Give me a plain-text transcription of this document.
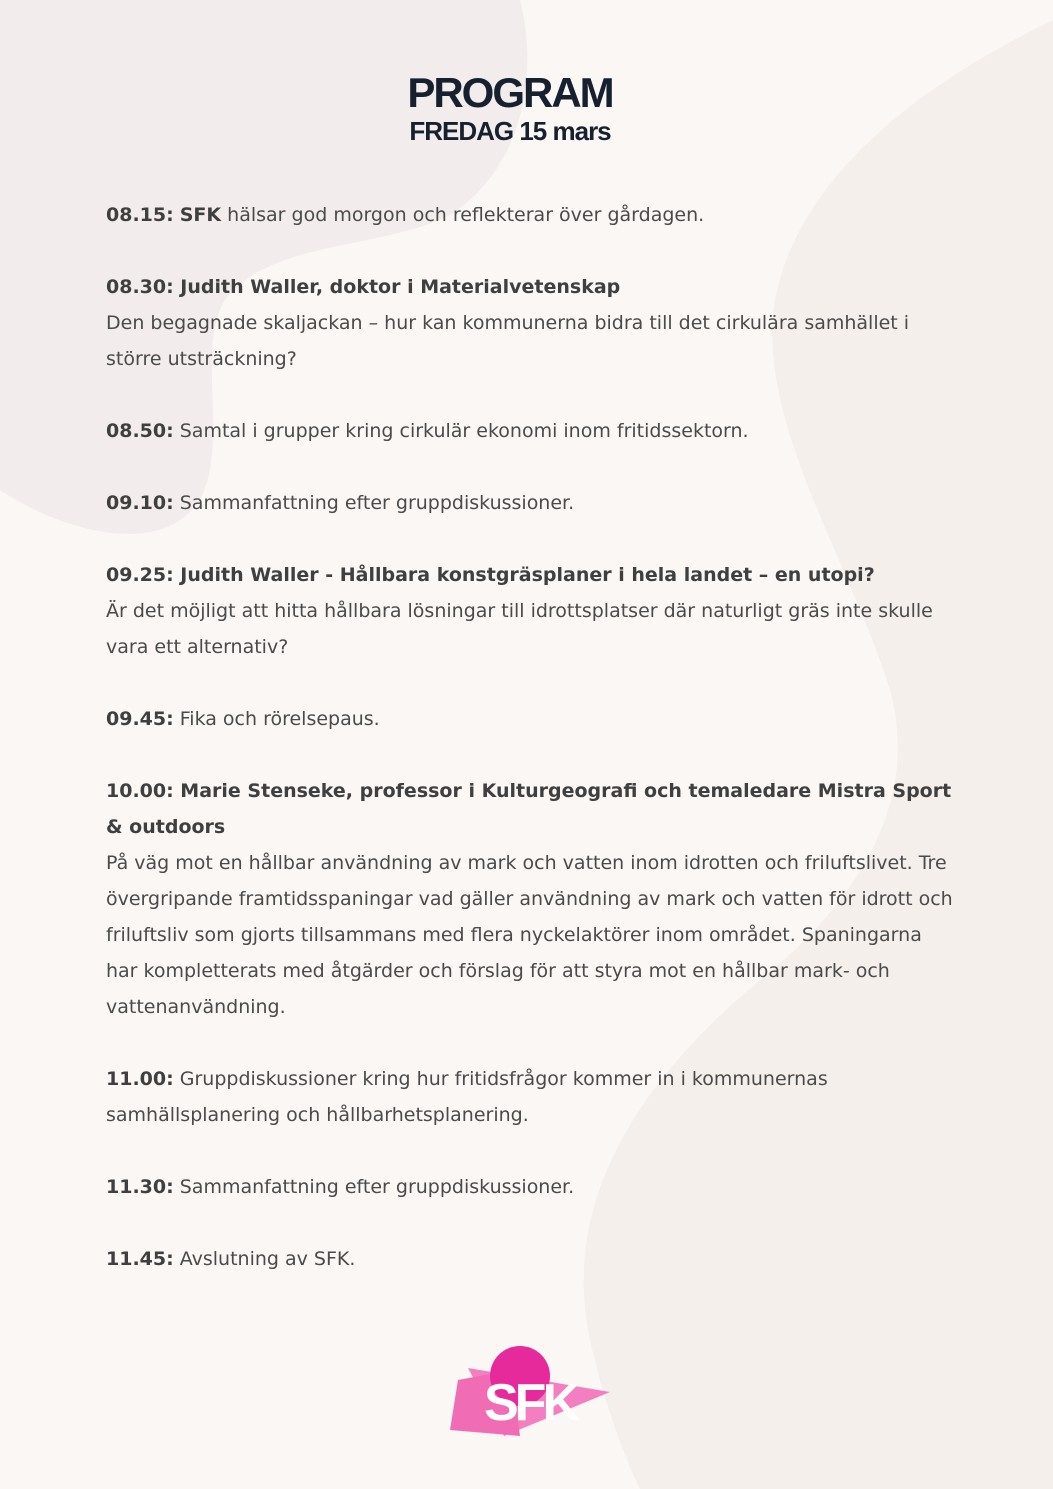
PROGRAM
FREDAG 15 mars

08.15: SFK hälsar god morgon och reflekterar över gårdagen.

08.30: Judith Waller, doktor i Materialvetenskap

Den begagnade skaljackan – hur kan kommunerna bidra till det cirkulära samhället i större utsträckning?

08.50: Samtal i grupper kring cirkulär ekonomi inom fritidssektorn.

09.10: Sammanfattning efter gruppdiskussioner.

09.25: Judith Waller - Hållbara konstgräsplaner i hela landet – en utopi?

Är det möjligt att hitta hållbara lösningar till idrottsplatser där naturligt gräs inte skulle vara ett alternativ?

09.45: Fika och rörelsepaus.

10.00: Marie Stenseke, professor i Kulturgeografi och temaledare Mistra Sport & outdoors

På väg mot en hållbar användning av mark och vatten inom idrotten och friluftslivet. Tre övergripande framtidsspaningar vad gäller användning av mark och vatten för idrott och friluftsliv som gjorts tillsammans med flera nyckelaktörer inom området. Spaningarna har kompletterats med åtgärder och förslag för att styra mot en hållbar mark- och vattenanvändning.

11.00: Gruppdiskussioner kring hur fritidsfrågor kommer in i kommunernas samhällsplanering och hållbarhetsplanering.

11.30: Sammanfattning efter gruppdiskussioner.

11.45: Avslutning av SFK.

SFK
